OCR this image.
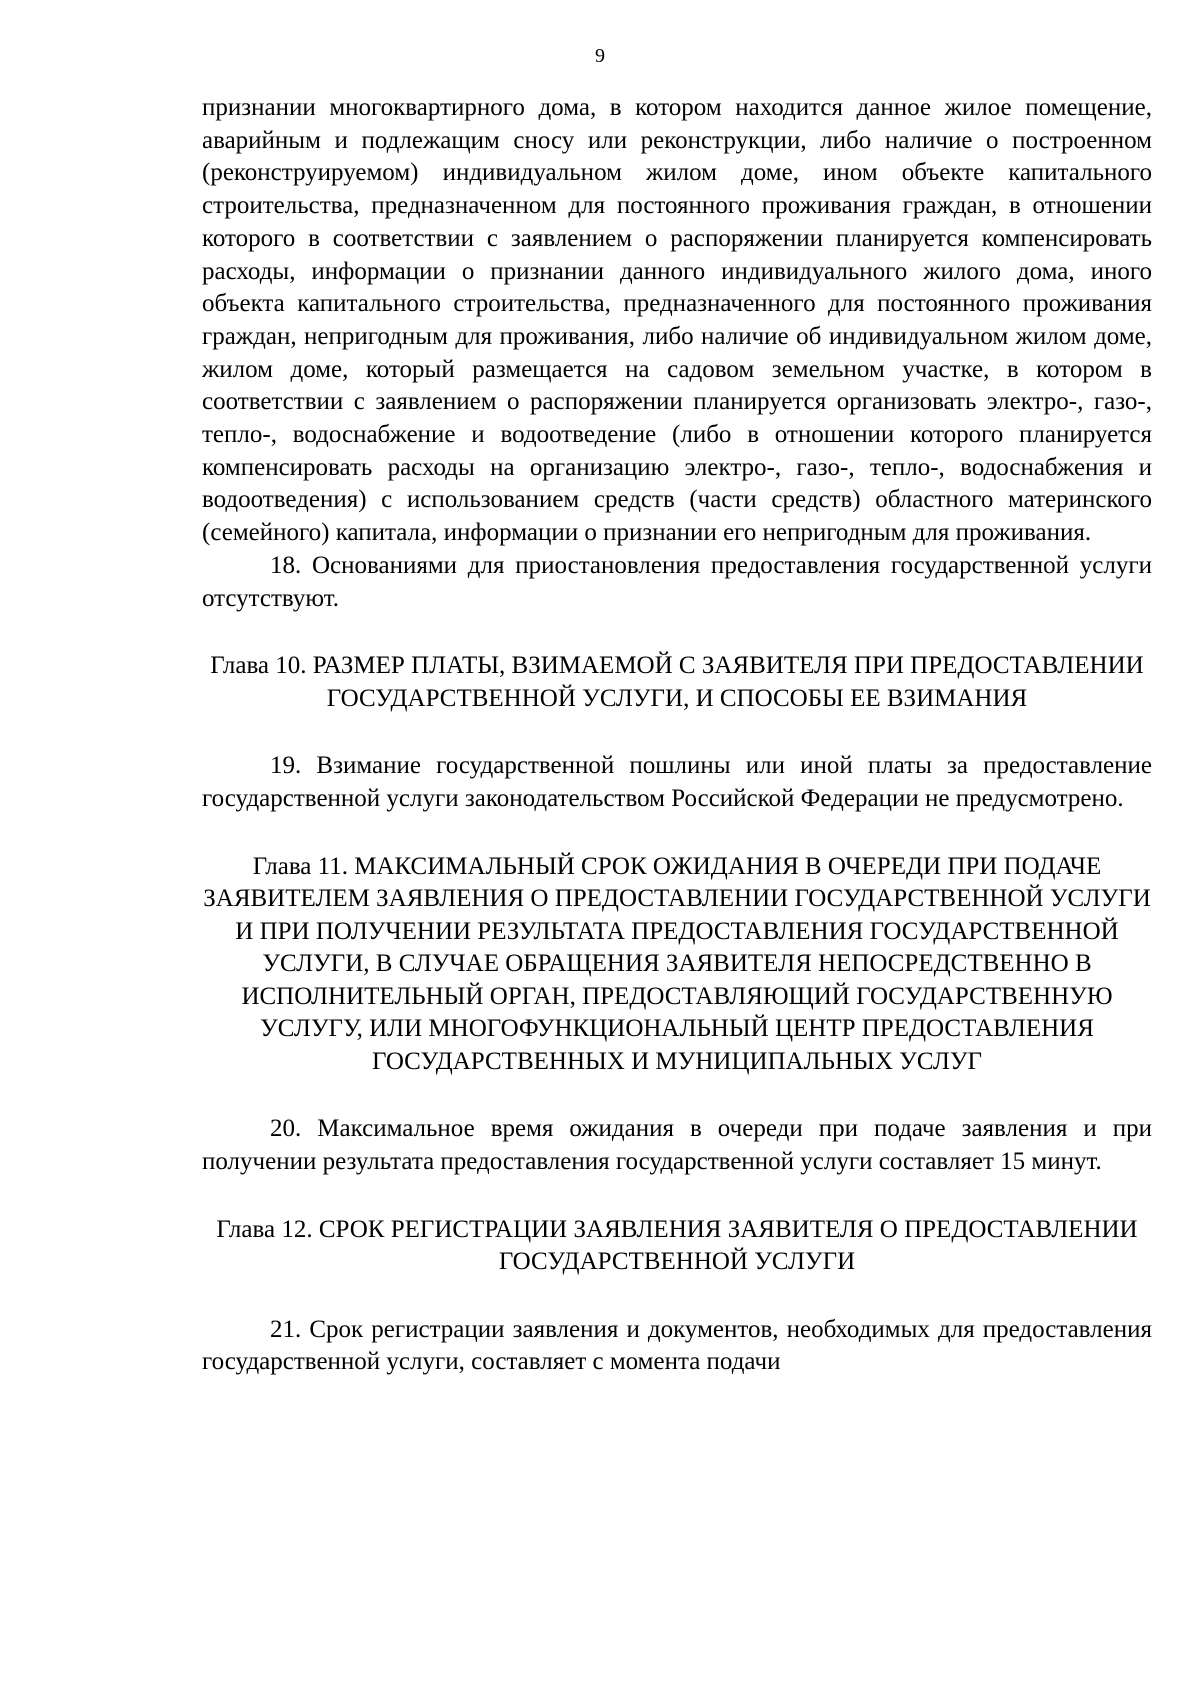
9

признании многоквартирного дома, в котором находится данное жилое помещение, аварийным и подлежащим сносу или реконструкции, либо наличие о построенном (реконструируемом) индивидуальном жилом доме, ином объекте капитального строительства, предназначенном для постоянного проживания граждан, в отношении которого в соответствии с заявлением о распоряжении планируется компенсировать расходы, информации о признании данного индивидуального жилого дома, иного объекта капитального строительства, предназначенного для постоянного проживания граждан, непригодным для проживания, либо наличие об индивидуальном жилом доме, жилом доме, который размещается на садовом земельном участке, в котором в соответствии с заявлением о распоряжении планируется организовать электро-, газо-, тепло-, водоснабжение и водоотведение (либо в отношении которого планируется компенсировать расходы на организацию электро-, газо-, тепло-, водоснабжения и водоотведения) с использованием средств (части средств) областного материнского (семейного) капитала, информации о признании его непригодным для проживания.

18. Основаниями для приостановления предоставления государственной услуги отсутствуют.

Глава 10. РАЗМЕР ПЛАТЫ, ВЗИМАЕМОЙ С ЗАЯВИТЕЛЯ ПРИ ПРЕДОСТАВЛЕНИИ ГОСУДАРСТВЕННОЙ УСЛУГИ, И СПОСОБЫ ЕЕ ВЗИМАНИЯ

19. Взимание государственной пошлины или иной платы за предоставление государственной услуги законодательством Российской Федерации не предусмотрено.

Глава 11. МАКСИМАЛЬНЫЙ СРОК ОЖИДАНИЯ В ОЧЕРЕДИ ПРИ ПОДАЧЕ ЗАЯВИТЕЛЕМ ЗАЯВЛЕНИЯ О ПРЕДОСТАВЛЕНИИ ГОСУДАРСТВЕННОЙ УСЛУГИ И ПРИ ПОЛУЧЕНИИ РЕЗУЛЬТАТА ПРЕДОСТАВЛЕНИЯ ГОСУДАРСТВЕННОЙ УСЛУГИ, В СЛУЧАЕ ОБРАЩЕНИЯ ЗАЯВИТЕЛЯ НЕПОСРЕДСТВЕННО В ИСПОЛНИТЕЛЬНЫЙ ОРГАН, ПРЕДОСТАВЛЯЮЩИЙ ГОСУДАРСТВЕННУЮ УСЛУГУ, ИЛИ МНОГОФУНКЦИОНАЛЬНЫЙ ЦЕНТР ПРЕДОСТАВЛЕНИЯ ГОСУДАРСТВЕННЫХ И МУНИЦИПАЛЬНЫХ УСЛУГ

20. Максимальное время ожидания в очереди при подаче заявления и при получении результата предоставления государственной услуги составляет 15 минут.

Глава 12. СРОК РЕГИСТРАЦИИ ЗАЯВЛЕНИЯ ЗАЯВИТЕЛЯ О ПРЕДОСТАВЛЕНИИ ГОСУДАРСТВЕННОЙ УСЛУГИ

21. Срок регистрации заявления и документов, необходимых для предоставления государственной услуги, составляет с момента подачи
